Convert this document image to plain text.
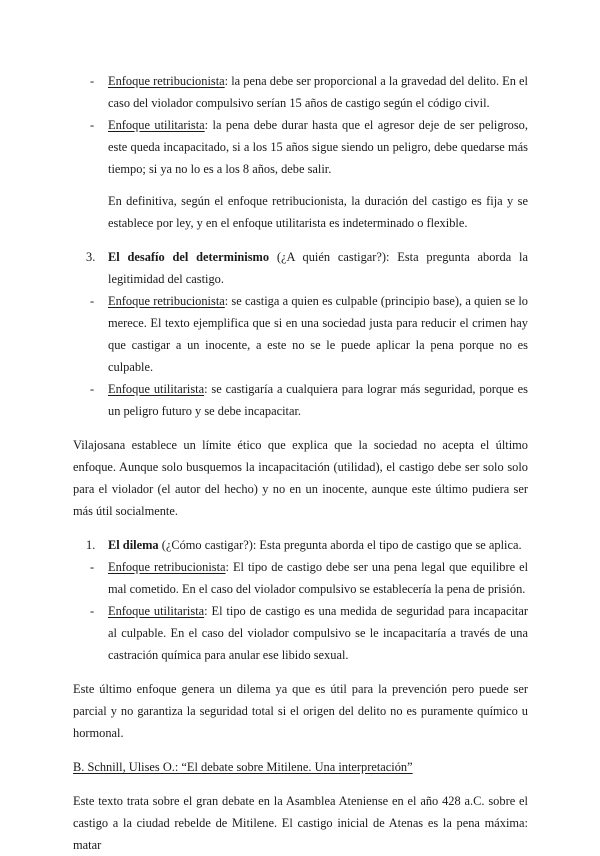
- Enfoque retribucionista: la pena debe ser proporcional a la gravedad del delito. En el caso del violador compulsivo serían 15 años de castigo según el código civil.

- Enfoque utilitarista: la pena debe durar hasta que el agresor deje de ser peligroso, este queda incapacitado, si a los 15 años sigue siendo un peligro, debe quedarse más tiempo; si ya no lo es a los 8 años, debe salir.

En definitiva, según el enfoque retribucionista, la duración del castigo es fija y se establece por ley, y en el enfoque utilitarista es indeterminado o flexible.

3. El desafío del determinismo (¿A quién castigar?): Esta pregunta aborda la legitimidad del castigo.

- Enfoque retribucionista: se castiga a quien es culpable (principio base), a quien se lo merece. El texto ejemplifica que si en una sociedad justa para reducir el crimen hay que castigar a un inocente, a este no se le puede aplicar la pena porque no es culpable.

- Enfoque utilitarista: se castigaría a cualquiera para lograr más seguridad, porque es un peligro futuro y se debe incapacitar.

Vilajosana establece un límite ético que explica que la sociedad no acepta el último enfoque. Aunque solo busquemos la incapacitación (utilidad), el castigo debe ser solo solo para el violador (el autor del hecho) y no en un inocente, aunque este último pudiera ser más útil socialmente.

1. El dilema (¿Cómo castigar?): Esta pregunta aborda el tipo de castigo que se aplica.

- Enfoque retribucionista: El tipo de castigo debe ser una pena legal que equilibre el mal cometido. En el caso del violador compulsivo se establecería la pena de prisión.

- Enfoque utilitarista: El tipo de castigo es una medida de seguridad para incapacitar al culpable. En el caso del violador compulsivo se le incapacitaría a través de una castración química para anular ese libido sexual.

Este último enfoque genera un dilema ya que es útil para la prevención pero puede ser parcial y no garantiza la seguridad total si el origen del delito no es puramente químico u hormonal.

B. Schnill, Ulises O.: “El debate sobre Mitilene. Una interpretación”

Este texto trata sobre el gran debate en la Asamblea Ateniense en el año 428 a.C. sobre el castigo a la ciudad rebelde de Mitilene. El castigo inicial de Atenas es la pena máxima: matar
